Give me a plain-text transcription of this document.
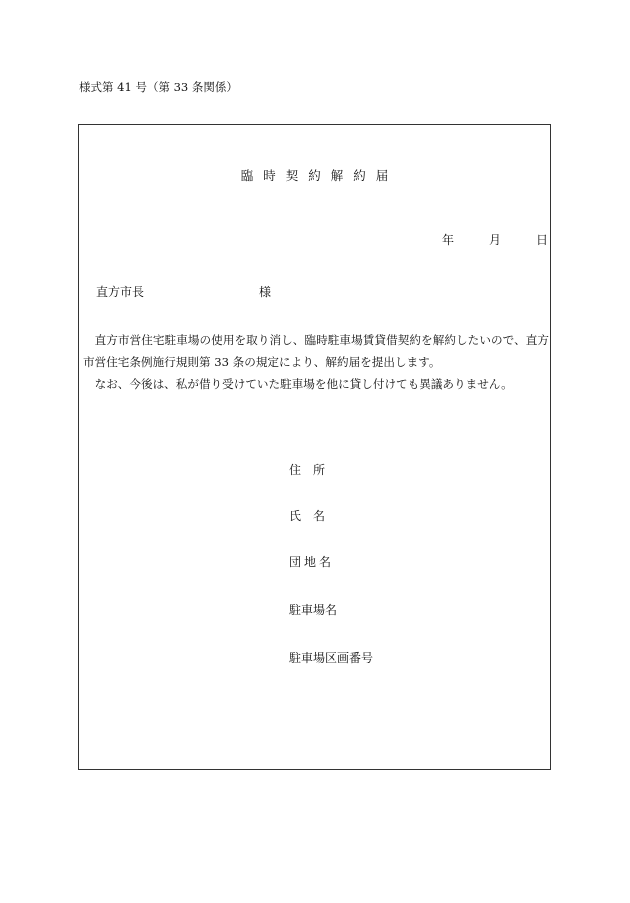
様式第 41 号（第 33 条関係）
臨時契約解約届
年	月	日
直方市長	様

直方市営住宅駐車場の使用を取り消し、臨時駐車場賃貸借契約を解約したいので、直方市営住宅条例施行規則第 33 条の規定により、解約届を提出します。

なお、今後は、私が借り受けていた駐車場を他に貸し付けても異議ありません。

住所
氏名
団地名
駐車場名
駐車場区画番号
